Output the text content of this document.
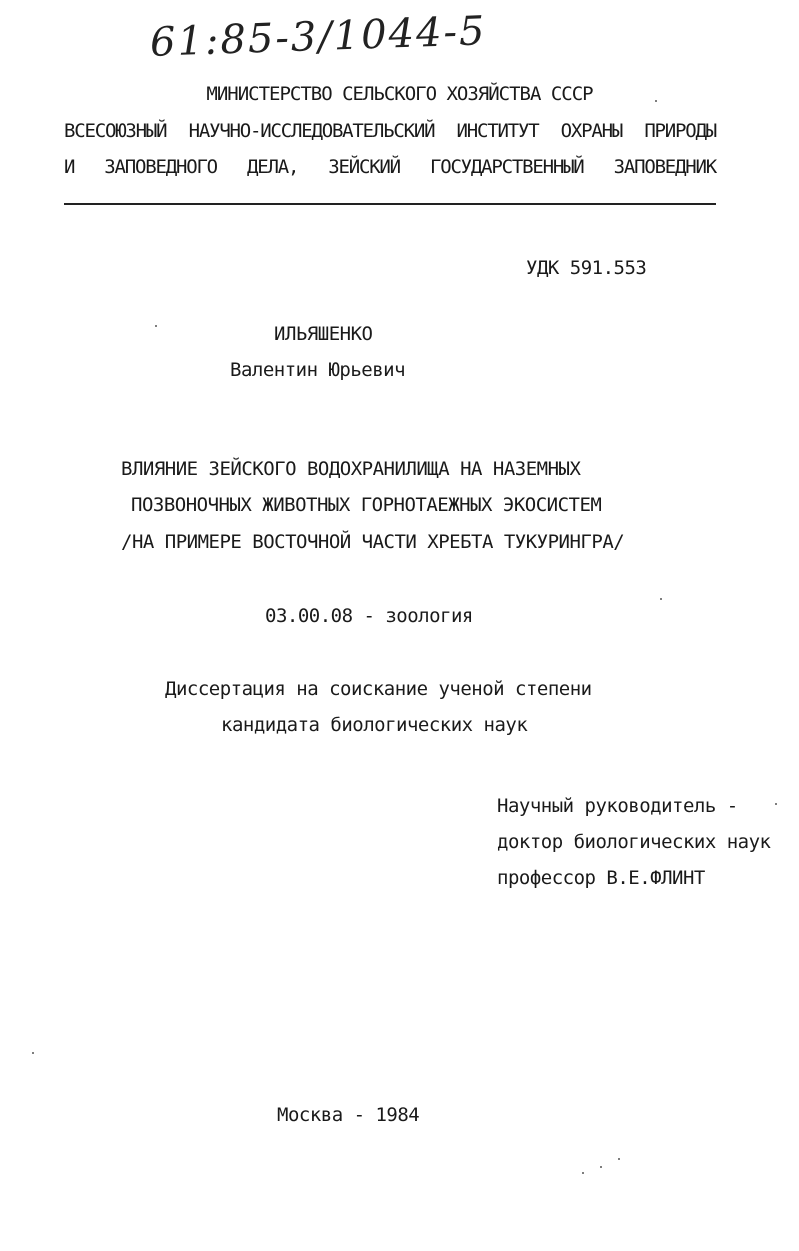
61:85-3/1044-5
МИНИСТЕРСТВО СЕЛЬСКОГО ХОЗЯЙСТВА СССР
ВСЕСОЮЗНЫЙ НАУЧНО-ИССЛЕДОВАТЕЛЬСКИЙ ИНСТИТУТ ОХРАНЫ ПРИРОДЫ
И ЗАПОВЕДНОГО ДЕЛА, ЗЕЙСКИЙ ГОСУДАРСТВЕННЫЙ ЗАПОВЕДНИК
УДК 591.553
ИЛЬЯШЕНКО
Валентин Юрьевич
ВЛИЯНИЕ ЗЕЙСКОГО ВОДОХРАНИЛИЩА НА НАЗЕМНЫХ
ПОЗВОНОЧНЫХ ЖИВОТНЫХ ГОРНОТАЕЖНЫХ ЭКОСИСТЕМ
/НА ПРИМЕРЕ ВОСТОЧНОЙ ЧАСТИ ХРЕБТА ТУКУРИНГРА/
03.00.08 - зоология
Диссертация на соискание ученой степени
кандидата биологических наук
Научный руководитель -
доктор биологических наук
профессор В.Е.ФЛИНТ
Москва - 1984
